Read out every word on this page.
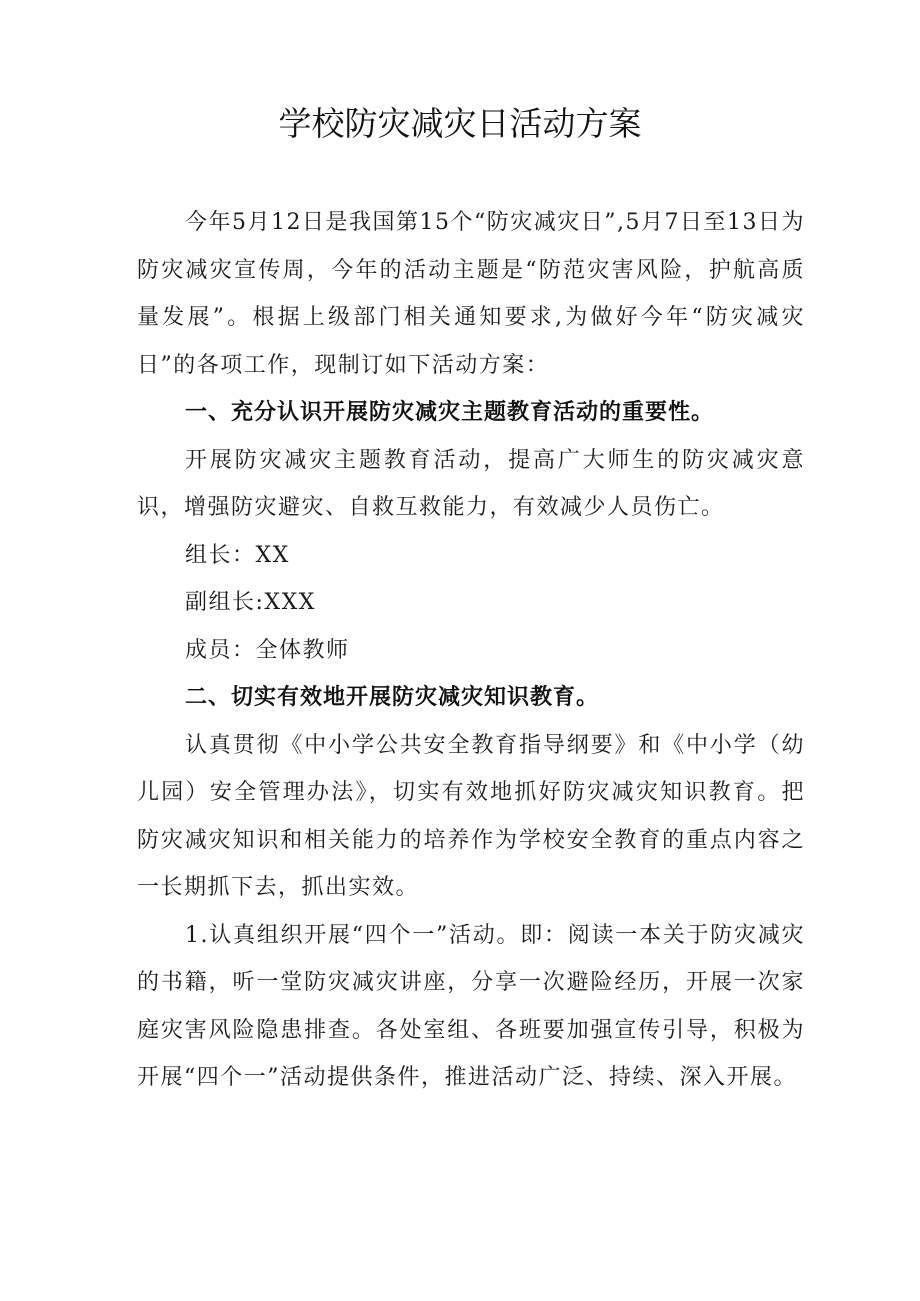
学校防灾减灾日活动方案

今年5月12日是我国第15个“防灾减灾日”,5月7日至13日为防灾减灾宣传周，今年的活动主题是“防范灾害风险，护航高质量发展”。根据上级部门相关通知要求,为做好今年“防灾减灾日”的各项工作，现制订如下活动方案：

一、充分认识开展防灾减灾主题教育活动的重要性。

开展防灾减灾主题教育活动，提高广大师生的防灾减灾意识，增强防灾避灾、自救互救能力，有效减少人员伤亡。

组长：XX

副组长:XXX

成员：全体教师

二、切实有效地开展防灾减灾知识教育。

认真贯彻《中小学公共安全教育指导纲要》和《中小学（幼儿园）安全管理办法》，切实有效地抓好防灾减灾知识教育。把防灾减灾知识和相关能力的培养作为学校安全教育的重点内容之一长期抓下去，抓出实效。

1.认真组织开展“四个一”活动。即：阅读一本关于防灾减灾的书籍，听一堂防灾减灾讲座，分享一次避险经历，开展一次家庭灾害风险隐患排查。各处室组、各班要加强宣传引导，积极为开展“四个一”活动提供条件，推进活动广泛、持续、深入开展。
